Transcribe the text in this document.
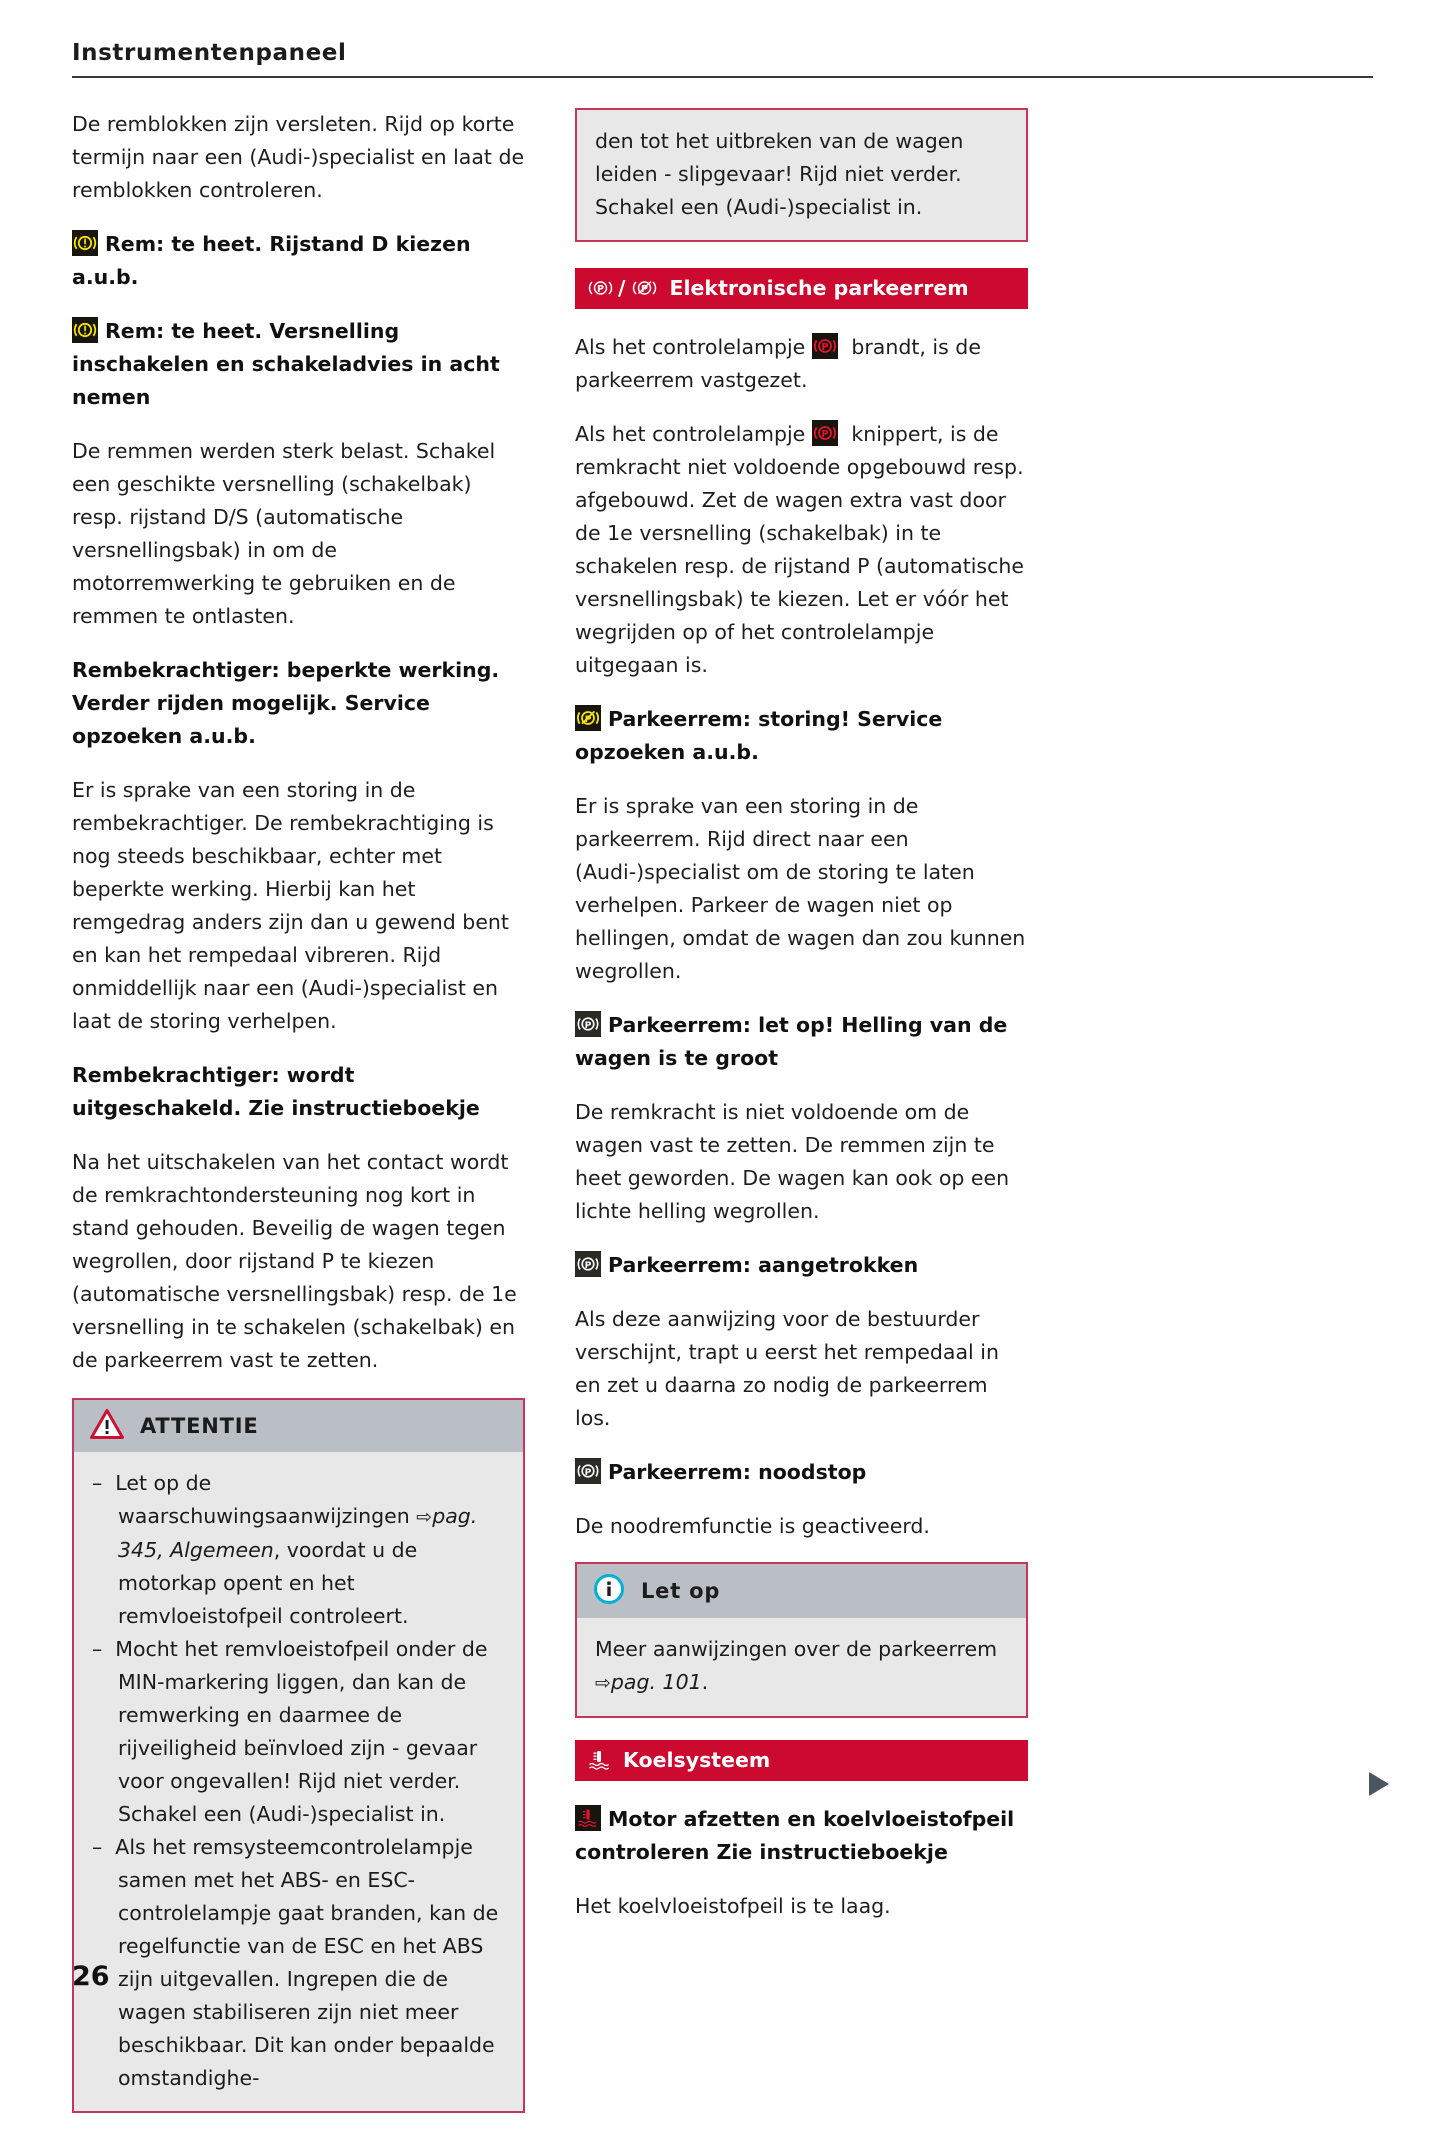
Instrumentenpaneel

De remblokken zijn versleten. Rijd op korte termijn naar een (Audi-)specialist en laat de remblokken controleren.

Rem: te heet. Rijstand D kiezen a.u.b.

Rem: te heet. Versnelling inschakelen en schakeladvies in acht nemen

De remmen werden sterk belast. Schakel een geschikte versnelling (schakelbak) resp. rijstand D/S (automatische versnellingsbak) in om de motorremwerking te gebruiken en de remmen te ontlasten.

Rembekrachtiger: beperkte werking. Verder rijden mogelijk. Service opzoeken a.u.b.

Er is sprake van een storing in de rembekrachtiger. De rembekrachtiging is nog steeds beschikbaar, echter met beperkte werking. Hierbij kan het remgedrag anders zijn dan u gewend bent en kan het rempedaal vibreren. Rijd onmiddellijk naar een (Audi-)specialist en laat de storing verhelpen.

Rembekrachtiger: wordt uitgeschakeld. Zie instructieboekje

Na het uitschakelen van het contact wordt de remkrachtondersteuning nog kort in stand gehouden. Beveilig de wagen tegen wegrollen, door rijstand P te kiezen (automatische versnellingsbak) resp. de 1e versnelling in te schakelen (schakelbak) en de parkeerrem vast te zetten.

ATTENTIE
–  Let op de waarschuwingsaanwijzingen ⇨pag. 345, Algemeen, voordat u de motorkap opent en het remvloeistofpeil controleert.
–  Mocht het remvloeistofpeil onder de MIN-markering liggen, dan kan de remwerking en daarmee de rijveiligheid beïnvloed zijn - gevaar voor ongevallen! Rijd niet verder. Schakel een (Audi-)specialist in.
–  Als het remsysteemcontrolelampje samen met het ABS- en ESC-controlelampje gaat branden, kan de regelfunctie van de ESC en het ABS zijn uitgevallen. Ingrepen die de wagen stabiliseren zijn niet meer beschikbaar. Dit kan onder bepaalde omstandighe-

den tot het uitbreken van de wagen leiden - slipgevaar! Rijd niet verder. Schakel een (Audi-)specialist in.

P /	P Elektronische parkeerrem

Als het controlelampje P brandt, is de parkeerrem vastgezet.

Als het controlelampje P knippert, is de remkracht niet voldoende opgebouwd resp. afgebouwd. Zet de wagen extra vast door de 1e versnelling (schakelbak) in te schakelen resp. de rijstand P (automatische versnellingsbak) te kiezen. Let er vóór het wegrijden op of het controlelampje uitgegaan is.

P Parkeerrem: storing! Service opzoeken a.u.b.

Er is sprake van een storing in de parkeerrem. Rijd direct naar een (Audi-)specialist om de storing te laten verhelpen. Parkeer de wagen niet op hellingen, omdat de wagen dan zou kunnen wegrollen.

P Parkeerrem: let op! Helling van de wagen is te groot

De remkracht is niet voldoende om de wagen vast te zetten. De remmen zijn te heet geworden. De wagen kan ook op een lichte helling wegrollen.

P Parkeerrem: aangetrokken

Als deze aanwijzing voor de bestuurder verschijnt, trapt u eerst het rempedaal in en zet u daarna zo nodig de parkeerrem los.

P Parkeerrem: noodstop

De noodremfunctie is geactiveerd.

Let op

Meer aanwijzingen over de parkeerrem ⇨pag. 101.

Koelsysteem

Motor afzetten en koelvloeistofpeil controleren Zie instructieboekje

Het koelvloeistofpeil is te laag.

26
